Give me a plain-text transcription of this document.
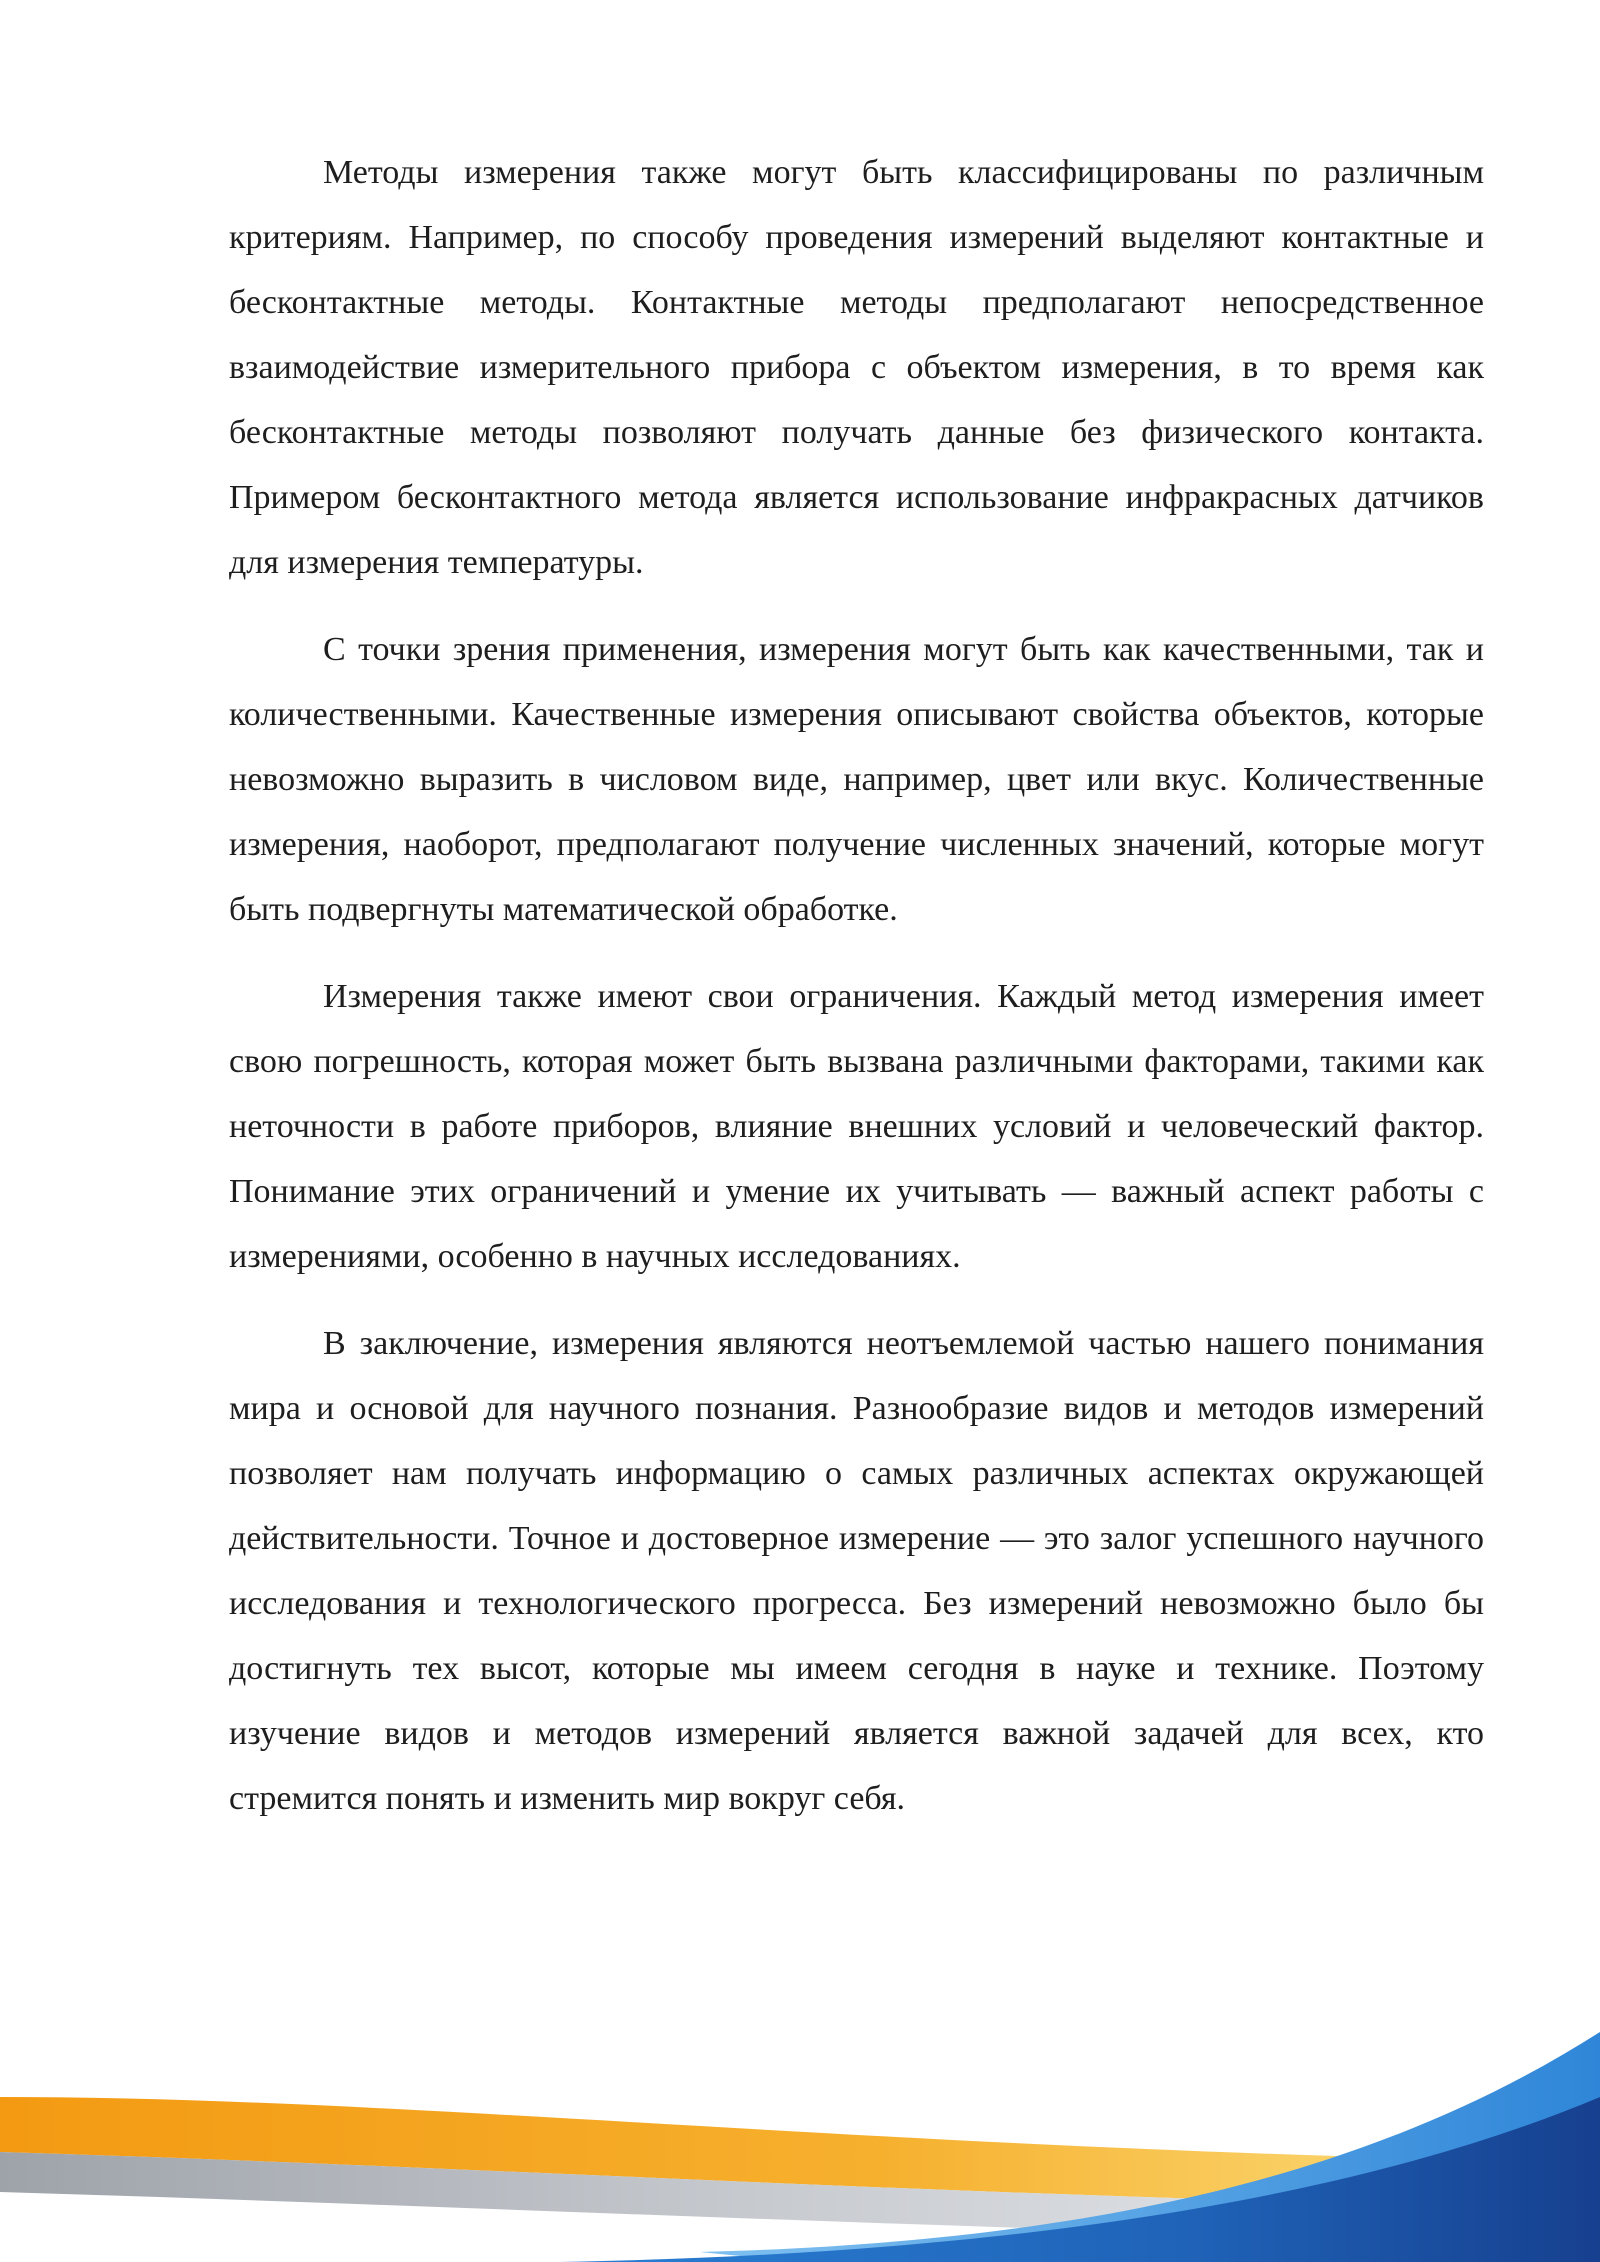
Методы измерения также могут быть классифицированы по различным критериям. Например, по способу проведения измерений выделяют контактные и бесконтактные методы. Контактные методы предполагают непосредственное взаимодействие измерительного прибора с объектом измерения, в то время как бесконтактные методы позволяют получать данные без физического контакта. Примером бесконтактного метода является использование инфракрасных датчиков для измерения температуры.

С точки зрения применения, измерения могут быть как качественными, так и количественными. Качественные измерения описывают свойства объектов, которые невозможно выразить в числовом виде, например, цвет или вкус. Количественные измерения, наоборот, предполагают получение численных значений, которые могут быть подвергнуты математической обработке.

Измерения также имеют свои ограничения. Каждый метод измерения имеет свою погрешность, которая может быть вызвана различными факторами, такими как неточности в работе приборов, влияние внешних условий и человеческий фактор. Понимание этих ограничений и умение их учитывать — важный аспект работы с измерениями, особенно в научных исследованиях.

В заключение, измерения являются неотъемлемой частью нашего понимания мира и основой для научного познания. Разнообразие видов и методов измерений позволяет нам получать информацию о самых различных аспектах окружающей действительности. Точное и достоверное измерение — это залог успешного научного исследования и технологического прогресса. Без измерений невозможно было бы достигнуть тех высот, которые мы имеем сегодня в науке и технике. Поэтому изучение видов и методов измерений является важной задачей для всех, кто стремится понять и изменить мир вокруг себя.
